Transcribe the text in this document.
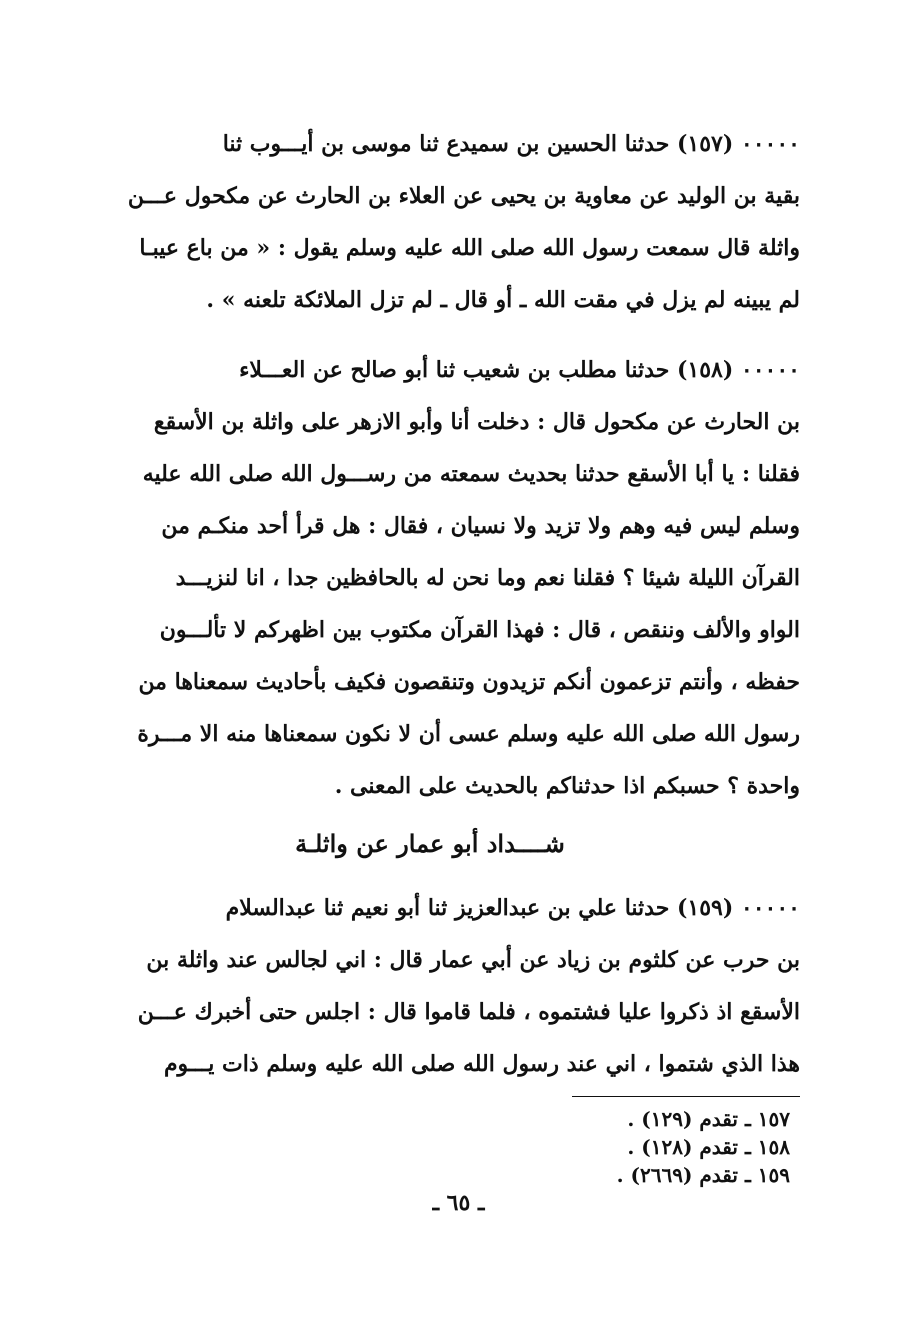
٠٠٠٠٠ (١٥٧) حدثنا الحسين بن سميدع ثنا موسى بن أيـــوب ثنا
بقية بن الوليد عن معاوية بن يحيى عن العلاء بن الحارث عن مكحول عـــن
واثلة قال سمعت رسول الله صلى الله عليه وسلم يقول : « من باع عيبـا
لم يبينه لم يزل في مقت الله ـ أو قال ـ لم تزل الملائكة تلعنه » .
٠٠٠٠٠ (١٥٨) حدثنا مطلب بن شعيب ثنا أبو صالح عن العـــلاء
بن الحارث عن مكحول قال : دخلت أنا وأبو الازهر على واثلة بن الأسقع
فقلنا : يا أبا الأسقع حدثنا بحديث سمعته من رســـول الله صلى الله عليه
وسلم ليس فيه وهم ولا تزيد ولا نسيان ، فقال : هل قرأ أحد منكـم من
القرآن الليلة شيئا ؟ فقلنا نعم وما نحن له بالحافظين جدا ، انا لنزيـــد
الواو والألف وننقص ، قال : فهذا القرآن مكتوب بين اظهركم لا تألـــون
حفظه ، وأنتم تزعمون أنكم تزيدون وتنقصون فكيف بأحاديث سمعناها من
رسول الله صلى الله عليه وسلم عسى أن لا نكون سمعناها منه الا مـــرة
واحدة ؟ حسبكم اذا حدثناكم بالحديث على المعنى .
شــــداد أبو عمار عن واثلـة
٠٠٠٠٠ (١٥٩) حدثنا علي بن عبدالعزيز ثنا أبو نعيم ثنا عبدالسلام
بن حرب عن كلثوم بن زياد عن أبي عمار قال : اني لجالس عند واثلة بن
الأسقع اذ ذكروا عليا فشتموه ، فلما قاموا قال : اجلس حتى أخبرك عـــن
هذا الذي شتموا ، اني عند رسول الله صلى الله عليه وسلم ذات يـــوم
١٥٧ ـ تقدم (١٢٩) .
١٥٨ ـ تقدم (١٢٨) .
١٥٩ ـ تقدم (٢٦٦٩) .
ـ ٦٥ ـ
